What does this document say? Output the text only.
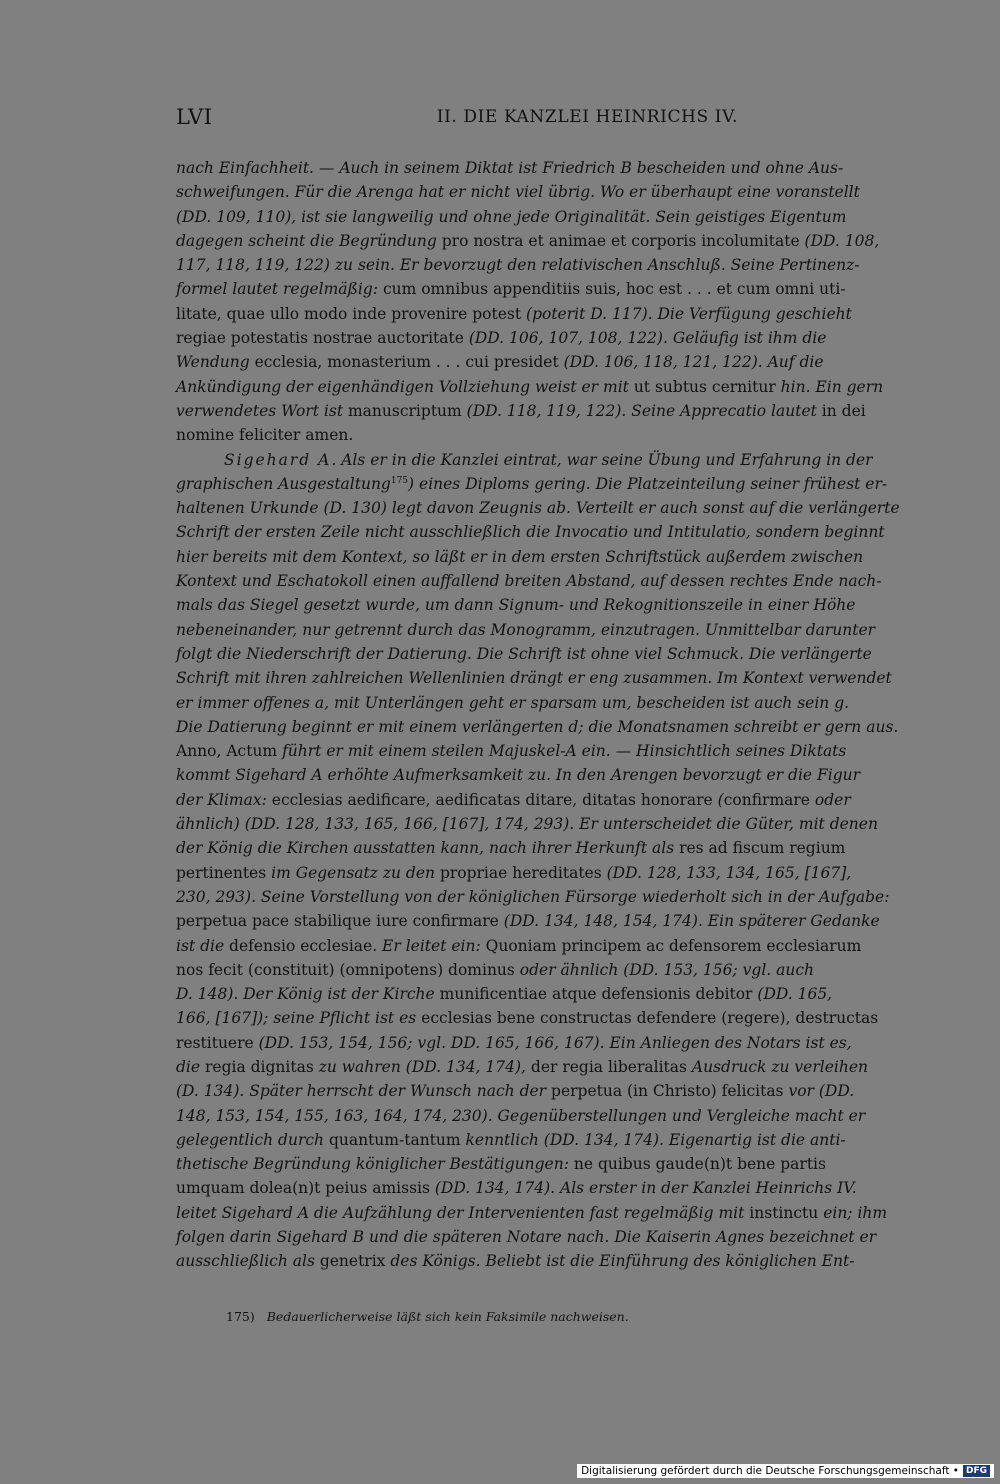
LVI	II. DIE KANZLEI HEINRICHS IV.
nach Einfachheit. — Auch in seinem Diktat ist Friedrich B bescheiden und ohne Aus-
schweifungen. Für die Arenga hat er nicht viel übrig. Wo er überhaupt eine voranstellt
(DD. 109, 110), ist sie langweilig und ohne jede Originalität. Sein geistiges Eigentum
dagegen scheint die Begründung pro nostra et animae et corporis incolumitate (DD. 108,
117, 118, 119, 122) zu sein. Er bevorzugt den relativischen Anschluß. Seine Pertinenz-
formel lautet regelmäßig: cum omnibus appenditiis suis, hoc est . . . et cum omni uti-
litate, quae ullo modo inde provenire potest (poterit D. 117). Die Verfügung geschieht
regiae potestatis nostrae auctoritate (DD. 106, 107, 108, 122). Geläufig ist ihm die
Wendung ecclesia, monasterium . . . cui presidet (DD. 106, 118, 121, 122). Auf die
Ankündigung der eigenhändigen Vollziehung weist er mit ut subtus cernitur hin. Ein gern
verwendetes Wort ist manuscriptum (DD. 118, 119, 122). Seine Apprecatio lautet in dei
nomine feliciter amen.
Sigehard A. Als er in die Kanzlei eintrat, war seine Übung und Erfahrung in der
graphischen Ausgestaltung$^{175}$) eines Diploms gering. Die Platzeinteilung seiner frühest er-
haltenen Urkunde (D. 130) legt davon Zeugnis ab. Verteilt er auch sonst auf die verlängerte
Schrift der ersten Zeile nicht ausschließlich die Invocatio und Intitulatio, sondern beginnt
hier bereits mit dem Kontext, so läßt er in dem ersten Schriftstück außerdem zwischen
Kontext und Eschatokoll einen auffallend breiten Abstand, auf dessen rechtes Ende nach-
mals das Siegel gesetzt wurde, um dann Signum- und Rekognitionszeile in einer Höhe
nebeneinander, nur getrennt durch das Monogramm, einzutragen. Unmittelbar darunter
folgt die Niederschrift der Datierung. Die Schrift ist ohne viel Schmuck. Die verlängerte
Schrift mit ihren zahlreichen Wellenlinien drängt er eng zusammen. Im Kontext verwendet
er immer offenes a, mit Unterlängen geht er sparsam um, bescheiden ist auch sein g.
Die Datierung beginnt er mit einem verlängerten d; die Monatsnamen schreibt er gern aus.
Anno, Actum führt er mit einem steilen Majuskel-A ein. — Hinsichtlich seines Diktats
kommt Sigehard A erhöhte Aufmerksamkeit zu. In den Arengen bevorzugt er die Figur
der Klimax: ecclesias aedificare, aedificatas ditare, ditatas honorare (confirmare oder
ähnlich) (DD. 128, 133, 165, 166, [167], 174, 293). Er unterscheidet die Güter, mit denen
der König die Kirchen ausstatten kann, nach ihrer Herkunft als res ad fiscum regium
pertinentes im Gegensatz zu den propriae hereditates (DD. 128, 133, 134, 165, [167],
230, 293). Seine Vorstellung von der königlichen Fürsorge wiederholt sich in der Aufgabe:
perpetua pace stabilique iure confirmare (DD. 134, 148, 154, 174). Ein späterer Gedanke
ist die defensio ecclesiae. Er leitet ein: Quoniam principem ac defensorem ecclesiarum
nos fecit (constituit) (omnipotens) dominus oder ähnlich (DD. 153, 156; vgl. auch
D. 148). Der König ist der Kirche munificentiae atque defensionis debitor (DD. 165,
166, [167]); seine Pflicht ist es ecclesias bene constructas defendere (regere), destructas
restituere (DD. 153, 154, 156; vgl. DD. 165, 166, 167). Ein Anliegen des Notars ist es,
die regia dignitas zu wahren (DD. 134, 174), der regia liberalitas Ausdruck zu verleihen
(D. 134). Später herrscht der Wunsch nach der perpetua (in Christo) felicitas vor (DD.
148, 153, 154, 155, 163, 164, 174, 230). Gegenüberstellungen und Vergleiche macht er
gelegentlich durch quantum-tantum kenntlich (DD. 134, 174). Eigenartig ist die anti-
thetische Begründung königlicher Bestätigungen: ne quibus gaude(n)t bene partis
umquam dolea(n)t peius amissis (DD. 134, 174). Als erster in der Kanzlei Heinrichs IV.
leitet Sigehard A die Aufzählung der Intervenienten fast regelmäßig mit instinctu ein; ihm
folgen darin Sigehard B und die späteren Notare nach. Die Kaiserin Agnes bezeichnet er
ausschließlich als genetrix des Königs. Beliebt ist die Einführung des königlichen Ent-
175) Bedauerlicherweise läßt sich kein Faksimile nachweisen.
Digitalisierung gefördert durch die Deutsche Forschungsgemeinschaft • DFG
